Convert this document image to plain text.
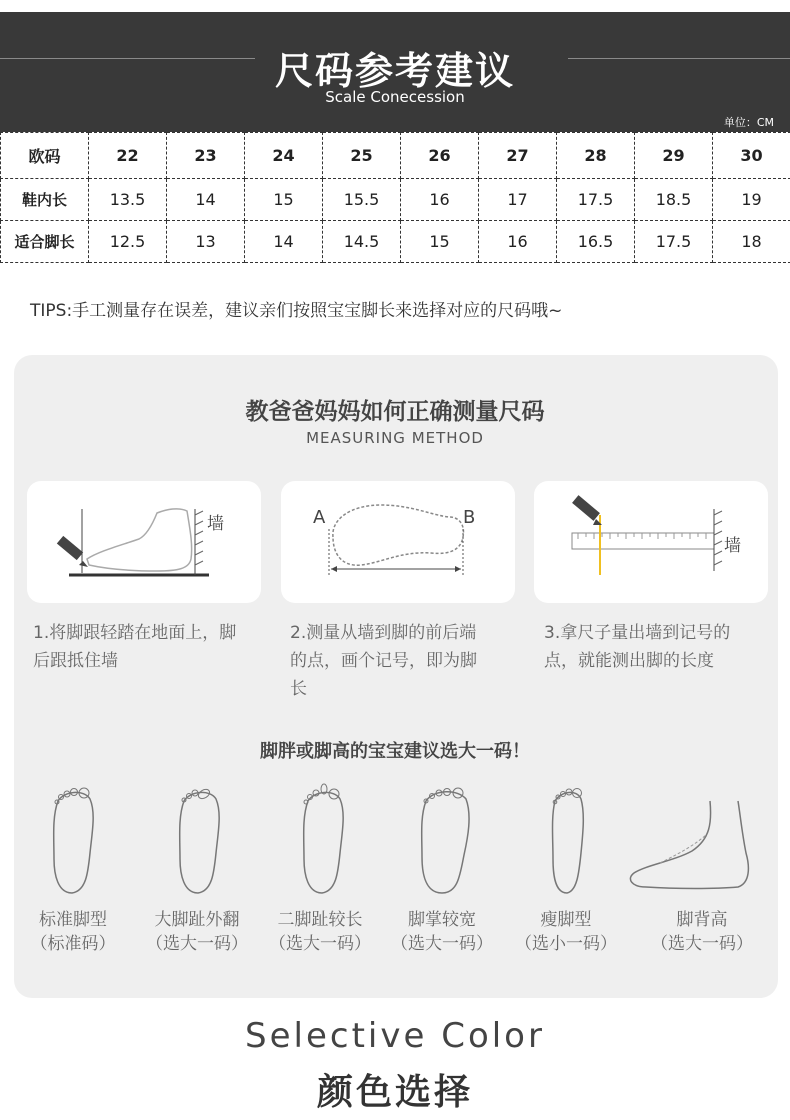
尺码参考建议
Scale Conecession
单位：CM
欧码	22	23	24	25	26	27	28	29	30
鞋内长	13.5	14	15	15.5	16	17	17.5	18.5	19
适合脚长	12.5	13	14	14.5	15	16	16.5	17.5	18
TIPS:手工测量存在误差，建议亲们按照宝宝脚长来选择对应的尺码哦~
教爸爸妈妈如何正确测量尺码
MEASURING METHOD
墙	A	B
墙
1.将脚跟轻踏在地面上，脚
后跟抵住墙
2.测量从墙到脚的前后端
的点，画个记号，即为脚
长
3.拿尺子量出墙到记号的
点，就能测出脚的长度
脚胖或脚高的宝宝建议选大一码！
标准脚型
（标准码）
大脚趾外翻
（选大一码）
二脚趾较长
（选大一码）
脚掌较宽
（选大一码）
瘦脚型
（选小一码）
脚背高
（选大一码）
Selective Color
颜色选择
